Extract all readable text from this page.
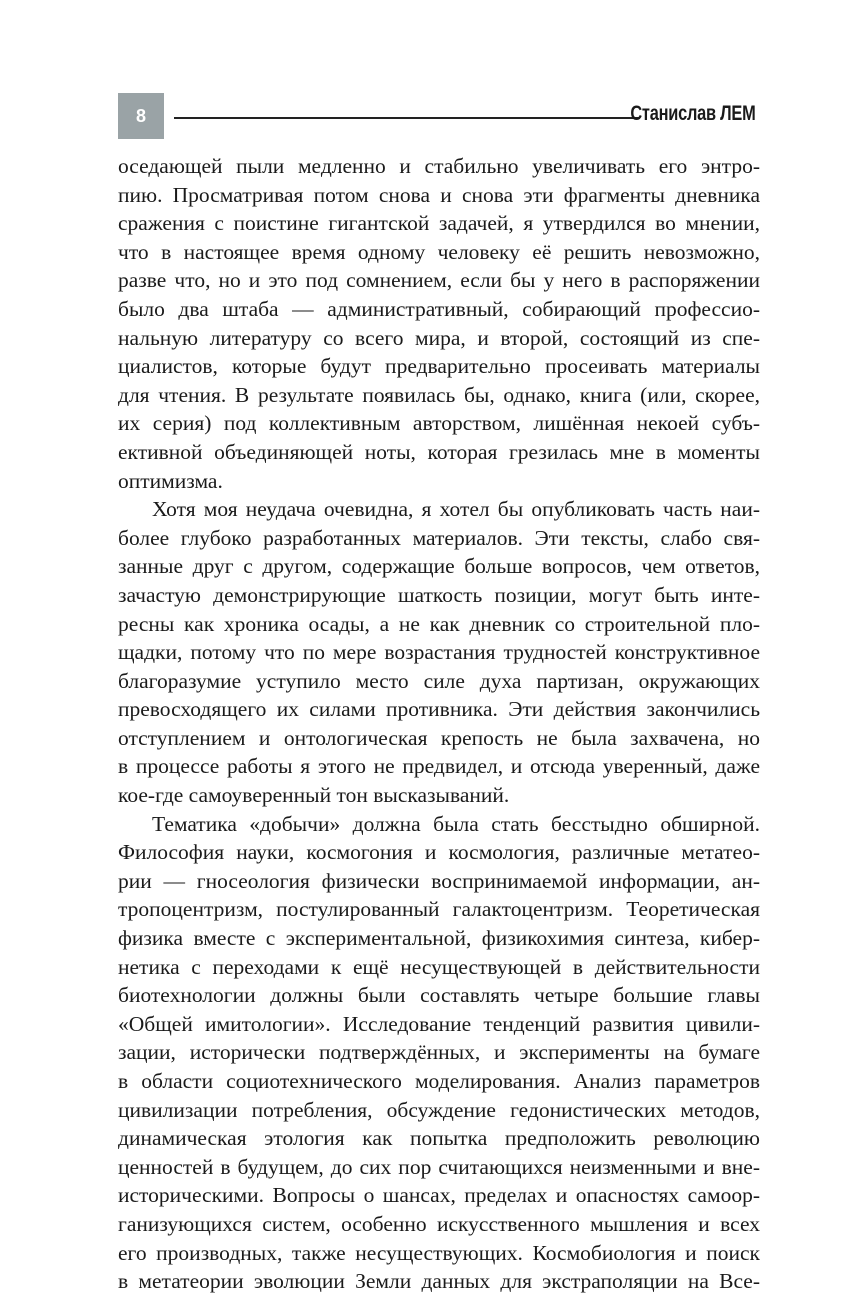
8	Станислав ЛЕМ
оседающей пыли медленно и стабильно увеличивать его энтро-
пию. Просматривая потом снова и снова эти фрагменты дневника
сражения с поистине гигантской задачей, я утвердился во мнении,
что в настоящее время одному человеку её решить невозможно,
разве что, но и это под сомнением, если бы у него в распоряжении
было два штаба — административный, собирающий профессио-
нальную литературу со всего мира, и второй, состоящий из спе-
циалистов, которые будут предварительно просеивать материалы
для чтения. В результате появилась бы, однако, книга (или, скорее,
их серия) под коллективным авторством, лишённая некоей субъ-
ективной объединяющей ноты, которая грезилась мне в моменты
оптимизма.
Хотя моя неудача очевидна, я хотел бы опубликовать часть наи-
более глубоко разработанных материалов. Эти тексты, слабо свя-
занные друг с другом, содержащие больше вопросов, чем ответов,
зачастую демонстрирующие шаткость позиции, могут быть инте-
ресны как хроника осады, а не как дневник со строительной пло-
щадки, потому что по мере возрастания трудностей конструктивное
благоразумие уступило место силе духа партизан, окружающих
превосходящего их силами противника. Эти действия закончились
отступлением и онтологическая крепость не была захвачена, но
в процессе работы я этого не предвидел, и отсюда уверенный, даже
кое-где самоуверенный тон высказываний.
Тематика «добычи» должна была стать бесстыдно обширной.
Философия науки, космогония и космология, различные метатео-
рии — гносеология физически воспринимаемой информации, ан-
тропоцентризм, постулированный галактоцентризм. Теоретическая
физика вместе с экспериментальной, физикохимия синтеза, кибер-
нетика с переходами к ещё несуществующей в действительности
биотехнологии должны были составлять четыре большие главы
«Общей имитологии». Исследование тенденций развития цивили-
зации, исторически подтверждённых, и эксперименты на бумаге
в области социотехнического моделирования. Анализ параметров
цивилизации потребления, обсуждение гедонистических методов,
динамическая этология как попытка предположить революцию
ценностей в будущем, до сих пор считающихся неизменными и вне-
историческими. Вопросы о шансах, пределах и опасностях самоор-
ганизующихся систем, особенно искусственного мышления и всех
его производных, также несуществующих. Космобиология и поиск
в метатеории эволюции Земли данных для экстраполяции на Все-
